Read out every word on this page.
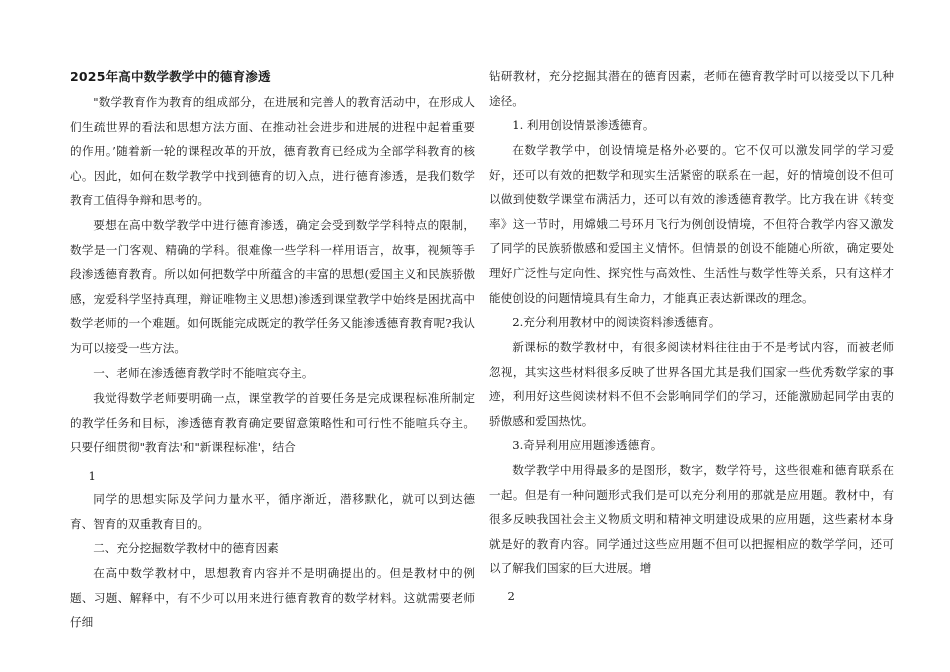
2025年高中数学教学中的德育渗透

"数学教育作为教育的组成部分，在进展和完善人的教育活动中，在形成人们生疏世界的看法和思想方法方面、在推动社会进步和进展的进程中起着重要的作用。’随着新一轮的课程改革的开放，德育教育已经成为全部学科教育的核心。因此，如何在数学教学中找到德育的切入点，进行德育渗透，是我们数学教育工值得争辩和思考的。

要想在高中数学教学中进行德育渗透，确定会受到数学学科特点的限制，数学是一门客观、精确的学科。很难像一些学科一样用语言，故事，视频等手段渗透德育教育。所以如何把数学中所蕴含的丰富的思想(爱国主义和民族骄傲感，宠爱科学坚持真理，辩证唯物主义思想)渗透到课堂教学中始终是困扰高中数学老师的一个难题。如何既能完成既定的教学任务又能渗透德育教育呢?我认为可以接受一些方法。

一、老师在渗透德育教学时不能喧宾夺主。

我觉得数学老师要明确一点，课堂教学的首要任务是完成课程标准所制定的教学任务和目标，渗透德育教育确定要留意策略性和可行性不能喧兵夺主。只要仔细贯彻"教育法'和"新课程标准'，结合

1

同学的思想实际及学问力量水平，循序渐近，潜移默化，就可以到达德育、智育的双重教育目的。

二、充分挖掘数学教材中的德育因素

在高中数学教材中，思想教育内容并不是明确提出的。但是教材中的例题、习题、解释中，有不少可以用来进行德育教育的数学材料。这就需要老师仔细

钻研教材，充分挖掘其潜在的德育因素，老师在德育教学时可以接受以下几种途径。

1. 利用创设情景渗透德育。

在数学教学中，创设情境是格外必要的。它不仅可以激发同学的学习爱好，还可以有效的把数学和现实生活紧密的联系在一起，好的情境创设不但可以做到使数学课堂布满活力，还可以有效的渗透德育教学。比方我在讲《转变率》这一节时，用嫦娥二号环月飞行为例创设情境，不但符合教学内容又激发了同学的民族骄傲感和爱国主义情怀。但情景的创设不能随心所欲，确定要处理好广泛性与定向性、探究性与高效性、生活性与数学性等关系，只有这样才能使创设的问题情境具有生命力，才能真正表达新课改的理念。

2.充分利用教材中的阅读资料渗透德育。

新课标的数学教材中，有很多阅读材料往往由于不是考试内容，而被老师忽视，其实这些材料很多反映了世界各国尤其是我们国家一些优秀数学家的事迹，利用好这些阅读材料不但不会影响同学们的学习，还能激励起同学由衷的骄傲感和爱国热忱。

3.奇异利用应用题渗透德育。

数学教学中用得最多的是图形，数字，数学符号，这些很难和德育联系在一起。但是有一种问题形式我们是可以充分利用的那就是应用题。教材中，有很多反映我国社会主义物质文明和精神文明建设成果的应用题，这些素材本身就是好的教育内容。同学通过这些应用题不但可以把握相应的数学学问，还可以了解我们国家的巨大进展。增

2
